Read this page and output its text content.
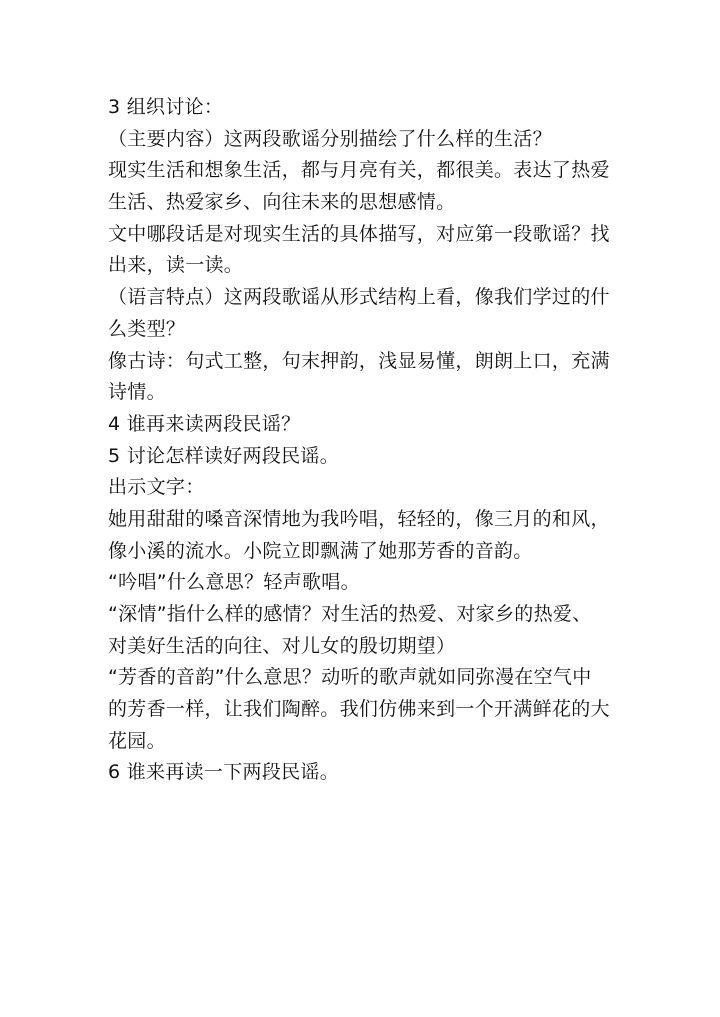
3 组织讨论：
（主要内容）这两段歌谣分别描绘了什么样的生活？
现实生活和想象生活，都与月亮有关，都很美。表达了热爱
生活、热爱家乡、向往未来的思想感情。
文中哪段话是对现实生活的具体描写，对应第一段歌谣？找
出来，读一读。
（语言特点）这两段歌谣从形式结构上看，像我们学过的什
么类型？
像古诗：句式工整，句末押韵，浅显易懂，朗朗上口，充满
诗情。
4 谁再来读两段民谣？
5 讨论怎样读好两段民谣。
出示文字：
她用甜甜的嗓音深情地为我吟唱，轻轻的，像三月的和风，
像小溪的流水。小院立即飘满了她那芳香的音韵。
“吟唱”什么意思？轻声歌唱。
“深情”指什么样的感情？对生活的热爱、对家乡的热爱、
对美好生活的向往、对儿女的殷切期望）
“芳香的音韵”什么意思？动听的歌声就如同弥漫在空气中
的芳香一样，让我们陶醉。我们仿佛来到一个开满鲜花的大
花园。
6 谁来再读一下两段民谣。
